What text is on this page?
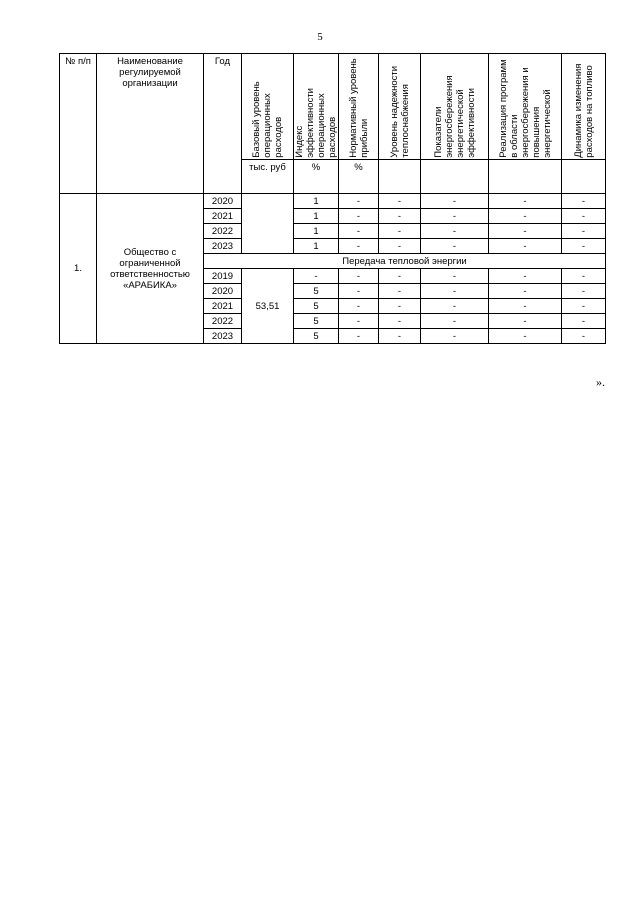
5
№ п/п	Наименование регулируемой организации	Год	Базовый уровень операционных расходов	Индекс эффективности операционных расходов	Нормативный уровень прибыли	Уровень надежности теплоснабжения	Показатели энергосбережения энергетической эффективности	Реализация программ в области энергосбережения и повышения энергетической	Динамика изменения расходов на топливо
			тыс. руб	%	%				
1.	Общество с ограниченной ответственностью «АРАБИКА»	2020		1	-	-	-	-	-
		2021		1	-	-	-	-	-
		2022		1	-	-	-	-	-
		2023		1	-	-	-	-	-
		Передача тепловой энергии							
		2019	53,51	-	-	-	-	-	-
		2020		5	-	-	-	-	-
		2021		5	-	-	-	-	-
		2022		5	-	-	-	-	-
		2023		5	-	-	-	-	-
».
